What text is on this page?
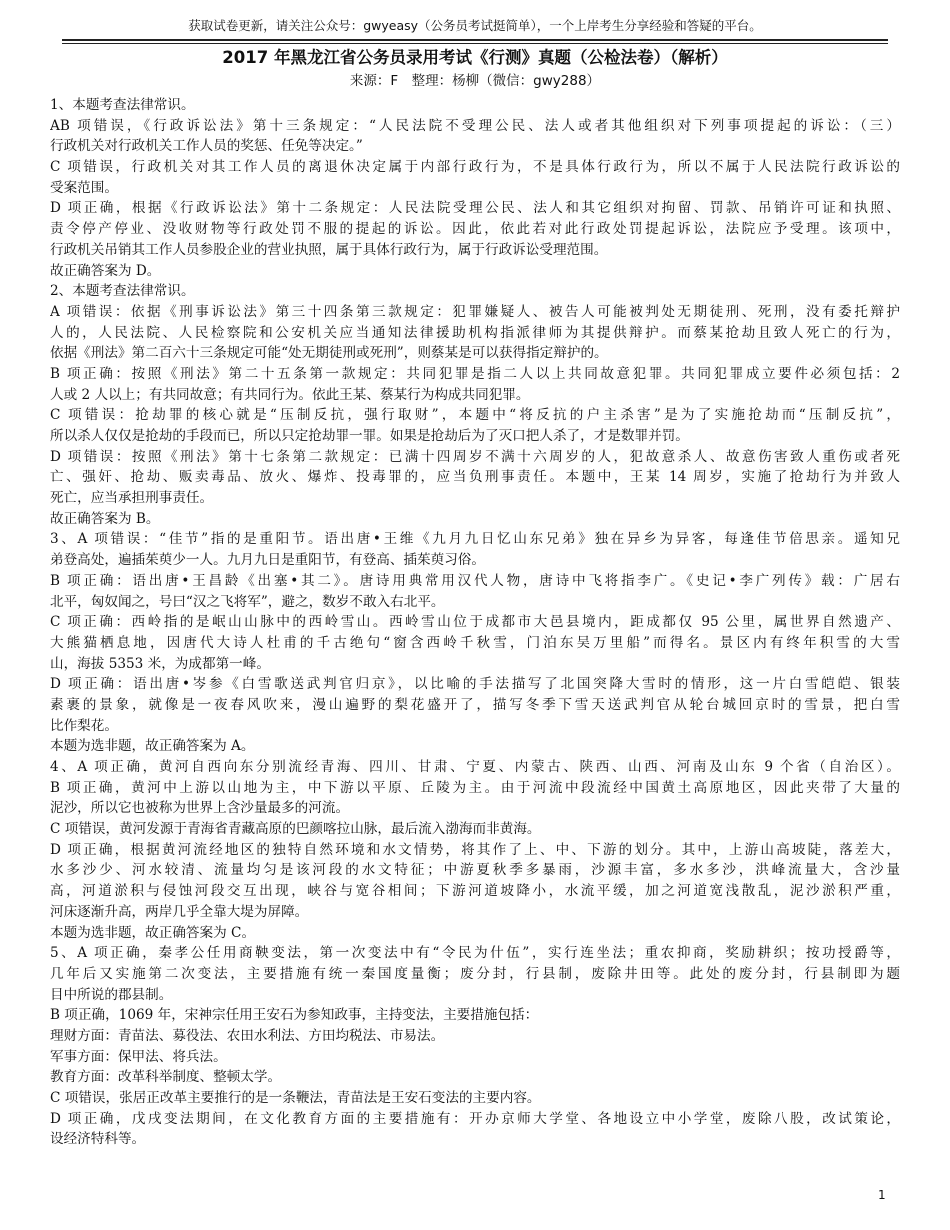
获取试卷更新，请关注公众号：gwyeasy（公务员考试挺简单），一个上岸考生分享经验和答疑的平台。
2017 年黑龙江省公务员录用考试《行测》真题（公检法卷）（解析）
来源：F　整理：杨柳（微信：gwy288）
1、本题考查法律常识。
AB 项错误，《行政诉讼法》第十三条规定：“人民法院不受理公民、法人或者其他组织对下列事项提起的诉讼：（三）
行政机关对行政机关工作人员的奖惩、任免等决定。”
C 项错误，行政机关对其工作人员的离退休决定属于内部行政行为，不是具体行政行为，所以不属于人民法院行政诉讼的
受案范围。
D 项正确，根据《行政诉讼法》第十二条规定：人民法院受理公民、法人和其它组织对拘留、罚款、吊销许可证和执照、
责令停产停业、没收财物等行政处罚不服的提起的诉讼。因此，依此若对此行政处罚提起诉讼，法院应予受理。该项中，
行政机关吊销其工作人员参股企业的营业执照，属于具体行政行为，属于行政诉讼受理范围。
故正确答案为 D。
2、本题考查法律常识。
A 项错误：依据《刑事诉讼法》第三十四条第三款规定：犯罪嫌疑人、被告人可能被判处无期徒刑、死刑，没有委托辩护
人的，人民法院、人民检察院和公安机关应当通知法律援助机构指派律师为其提供辩护。而蔡某抢劫且致人死亡的行为，
依据《刑法》第二百六十三条规定可能“处无期徒刑或死刑”，则蔡某是可以获得指定辩护的。
B 项正确：按照《刑法》第二十五条第一款规定：共同犯罪是指二人以上共同故意犯罪。共同犯罪成立要件必须包括：2
人或 2 人以上；有共同故意；有共同行为。依此王某、蔡某行为构成共同犯罪。
C 项错误：抢劫罪的核心就是“压制反抗，强行取财”，本题中“将反抗的户主杀害”是为了实施抢劫而“压制反抗”，
所以杀人仅仅是抢劫的手段而已，所以只定抢劫罪一罪。如果是抢劫后为了灭口把人杀了，才是数罪并罚。
D 项错误：按照《刑法》第十七条第二款规定：已满十四周岁不满十六周岁的人，犯故意杀人、故意伤害致人重伤或者死
亡、强奸、抢劫、贩卖毒品、放火、爆炸、投毒罪的，应当负刑事责任。本题中，王某 14 周岁，实施了抢劫行为并致人
死亡，应当承担刑事责任。
故正确答案为 B。
3、A 项错误：“佳节”指的是重阳节。语出唐•王维《九月九日忆山东兄弟》独在异乡为异客，每逢佳节倍思亲。遥知兄
弟登高处，遍插茱萸少一人。九月九日是重阳节，有登高、插茱萸习俗。
B 项正确：语出唐•王昌龄《出塞•其二》。唐诗用典常用汉代人物，唐诗中飞将指李广。《史记•李广列传》载：广居右
北平，匈奴闻之，号曰“汉之飞将军”，避之，数岁不敢入右北平。
C 项正确：西岭指的是岷山山脉中的西岭雪山。西岭雪山位于成都市大邑县境内，距成都仅 95 公里，属世界自然遗产、
大熊猫栖息地，因唐代大诗人杜甫的千古绝句“窗含西岭千秋雪，门泊东吴万里船”而得名。景区内有终年积雪的大雪
山，海拔 5353 米，为成都第一峰。
D 项正确：语出唐•岑参《白雪歌送武判官归京》，以比喻的手法描写了北国突降大雪时的情形，这一片白雪皑皑、银装
素裹的景象，就像是一夜春风吹来，漫山遍野的梨花盛开了，描写冬季下雪天送武判官从轮台城回京时的雪景，把白雪
比作梨花。
本题为选非题，故正确答案为 A。
4、A 项正确，黄河自西向东分别流经青海、四川、甘肃、宁夏、内蒙古、陕西、山西、河南及山东 9 个省（自治区）。
B 项正确，黄河中上游以山地为主，中下游以平原、丘陵为主。由于河流中段流经中国黄土高原地区，因此夹带了大量的
泥沙，所以它也被称为世界上含沙量最多的河流。
C 项错误，黄河发源于青海省青藏高原的巴颜喀拉山脉，最后流入渤海而非黄海。
D 项正确，根据黄河流经地区的独特自然环境和水文情势，将其作了上、中、下游的划分。其中，上游山高坡陡，落差大，
水多沙少、河水较清、流量均匀是该河段的水文特征；中游夏秋季多暴雨，沙源丰富，多水多沙，洪峰流量大，含沙量
高，河道淤积与侵蚀河段交互出现，峡谷与宽谷相间；下游河道坡降小，水流平缓，加之河道宽浅散乱，泥沙淤积严重，
河床逐渐升高，两岸几乎全靠大堤为屏障。
本题为选非题，故正确答案为 C。
5、A 项正确，秦孝公任用商鞅变法，第一次变法中有“令民为什伍”，实行连坐法；重农抑商，奖励耕织；按功授爵等，
几年后又实施第二次变法，主要措施有统一秦国度量衡；废分封，行县制，废除井田等。此处的废分封，行县制即为题
目中所说的郡县制。
B 项正确，1069 年，宋神宗任用王安石为参知政事，主持变法，主要措施包括：
理财方面：青苗法、募役法、农田水利法、方田均税法、市易法。
军事方面：保甲法、将兵法。
教育方面：改革科举制度、整顿太学。
C 项错误，张居正改革主要推行的是一条鞭法，青苗法是王安石变法的主要内容。
D 项正确，戊戌变法期间，在文化教育方面的主要措施有：开办京师大学堂、各地设立中小学堂，废除八股，改试策论，
设经济特科等。
1
